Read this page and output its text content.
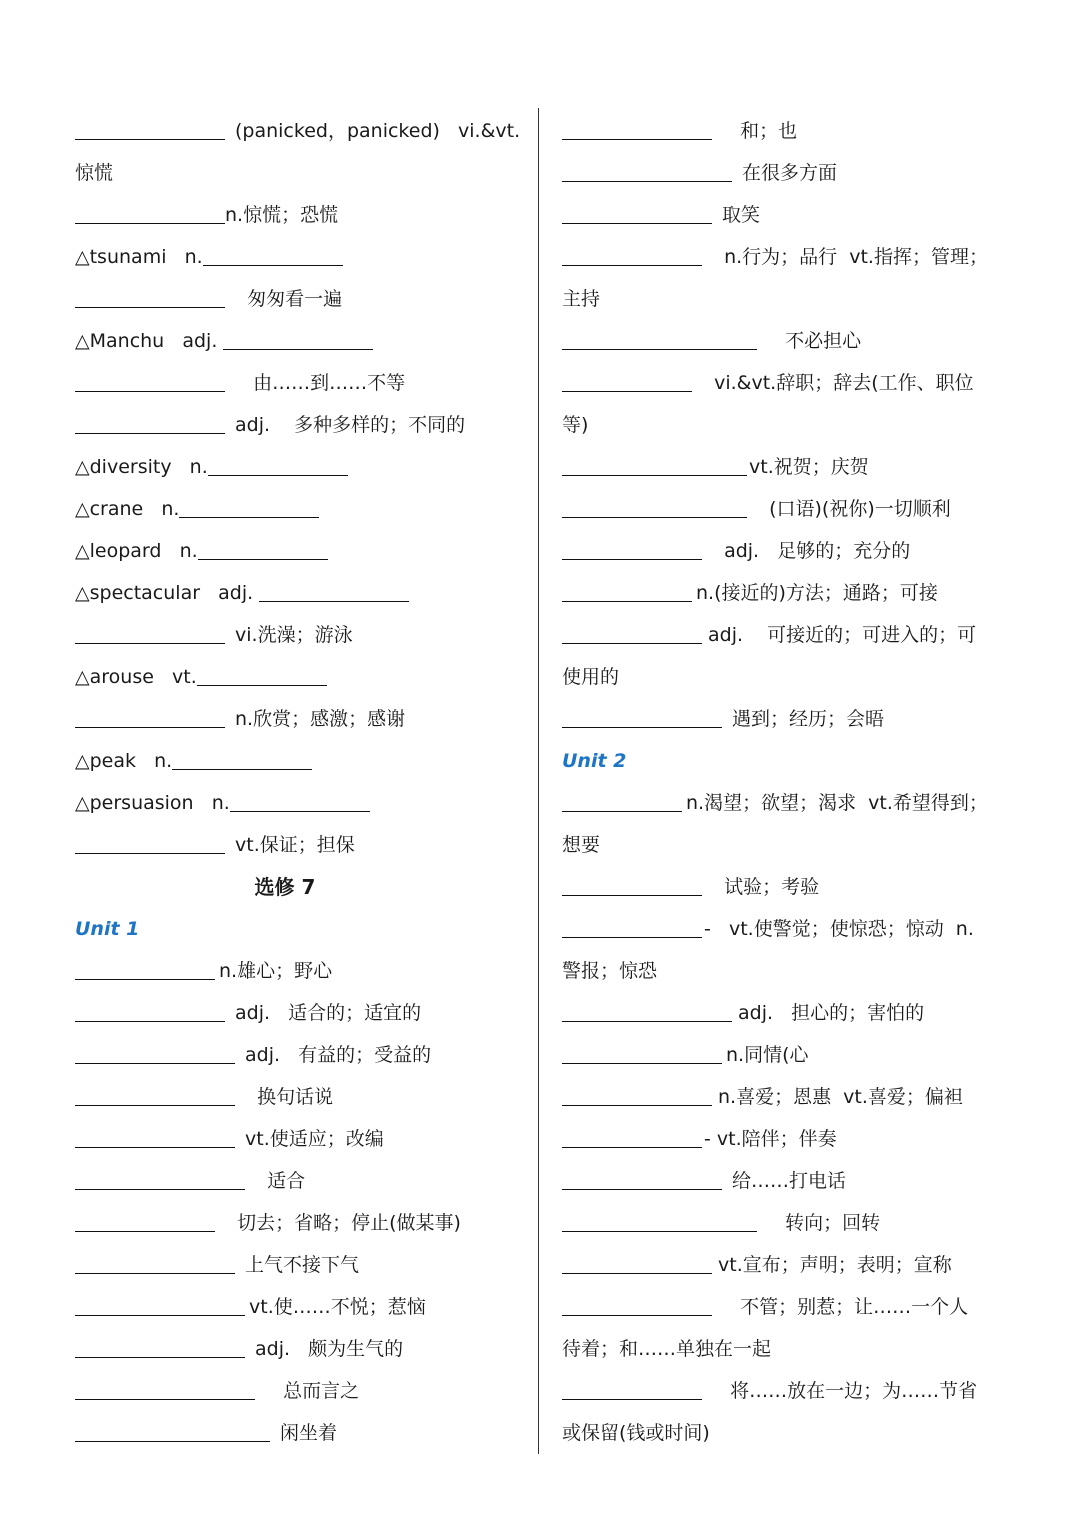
(panicked，panicked)   vi.&vt.
惊慌
n.惊慌；恐慌
△tsunami   n.
匆匆看一遍
△Manchu   adj.
由……到……不等
adj.    多种多样的；不同的
△diversity   n.
△crane   n.
△leopard   n.
△spectacular   adj.
vi.洗澡；游泳
△arouse   vt.
n.欣赏；感激；感谢
△peak   n.
△persuasion   n.
vt.保证；担保
选修 7
Unit 1
n.雄心；野心
adj.   适合的；适宜的
adj.   有益的；受益的
换句话说
vt.使适应；改编
适合
切去；省略；停止(做某事)
上气不接下气
vt.使……不悦；惹恼
adj.   颇为生气的
总而言之
闲坐着
和；也
在很多方面
取笑
n.行为；品行  vt.指挥；管理；
主持
不必担心
vi.&vt.辞职；辞去(工作、职位
等)
vt.祝贺；庆贺
(口语)(祝你)一切顺利
adj.   足够的；充分的
n.(接近的)方法；通路；可接
adj.    可接近的；可进入的；可
使用的
遇到；经历；会晤
Unit 2
n.渴望；欲望；渴求  vt.希望得到；
想要
试验；考验
-   vt.使警觉；使惊恐；惊动  n.
警报；惊恐
adj.   担心的；害怕的
n.同情(心
n.喜爱；恩惠  vt.喜爱；偏袒
- vt.陪伴；伴奏
给……打电话
转向；回转
vt.宣布；声明；表明；宣称
不管；别惹；让……一个人
待着；和……单独在一起
将……放在一边；为……节省
或保留(钱或时间)
